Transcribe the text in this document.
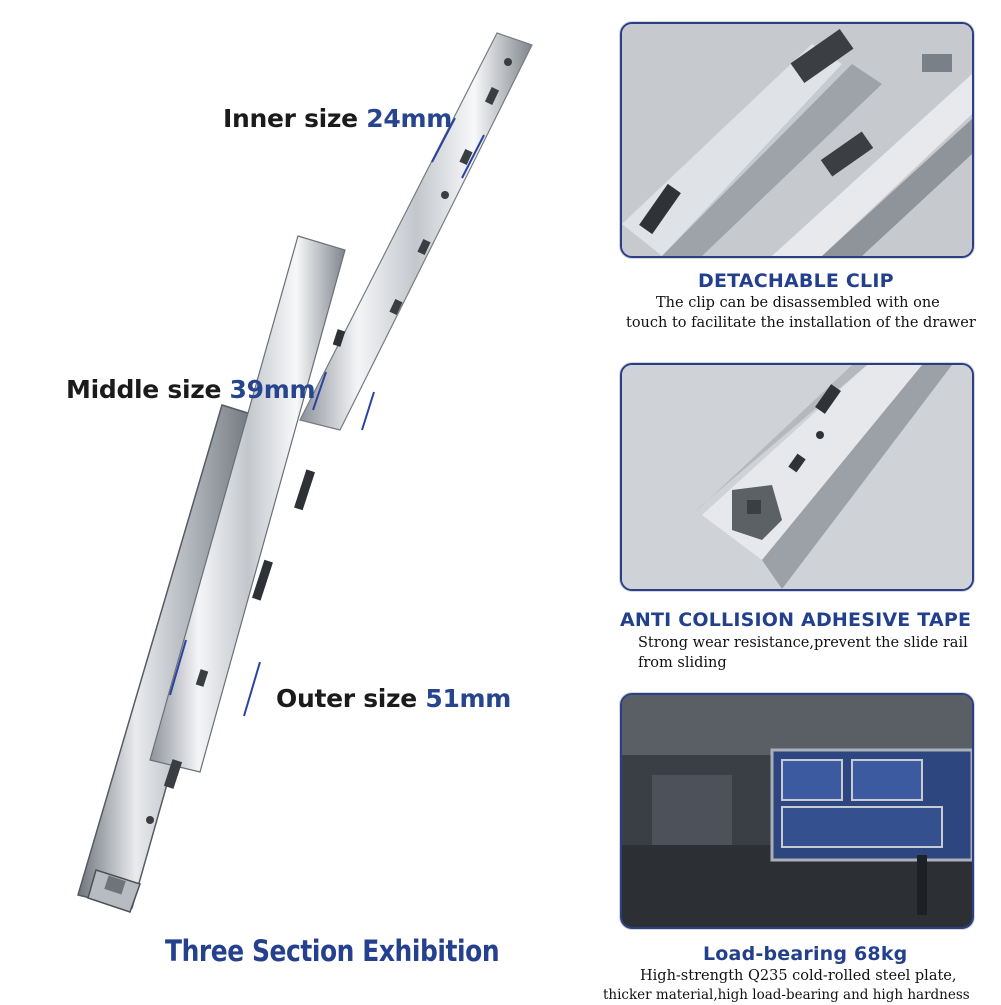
Inner size 24mm
Middle size 39mm
Outer size 51mm
Three Section Exhibition
DETACHABLE CLIP
The clip can be disassembled with one
touch to facilitate the installation of the drawer
ANTI COLLISION ADHESIVE TAPE
Strong wear resistance,prevent the slide rail
from sliding
Load-bearing 68kg
High-strength Q235 cold-rolled steel plate,
thicker material,high load-bearing and high hardness
